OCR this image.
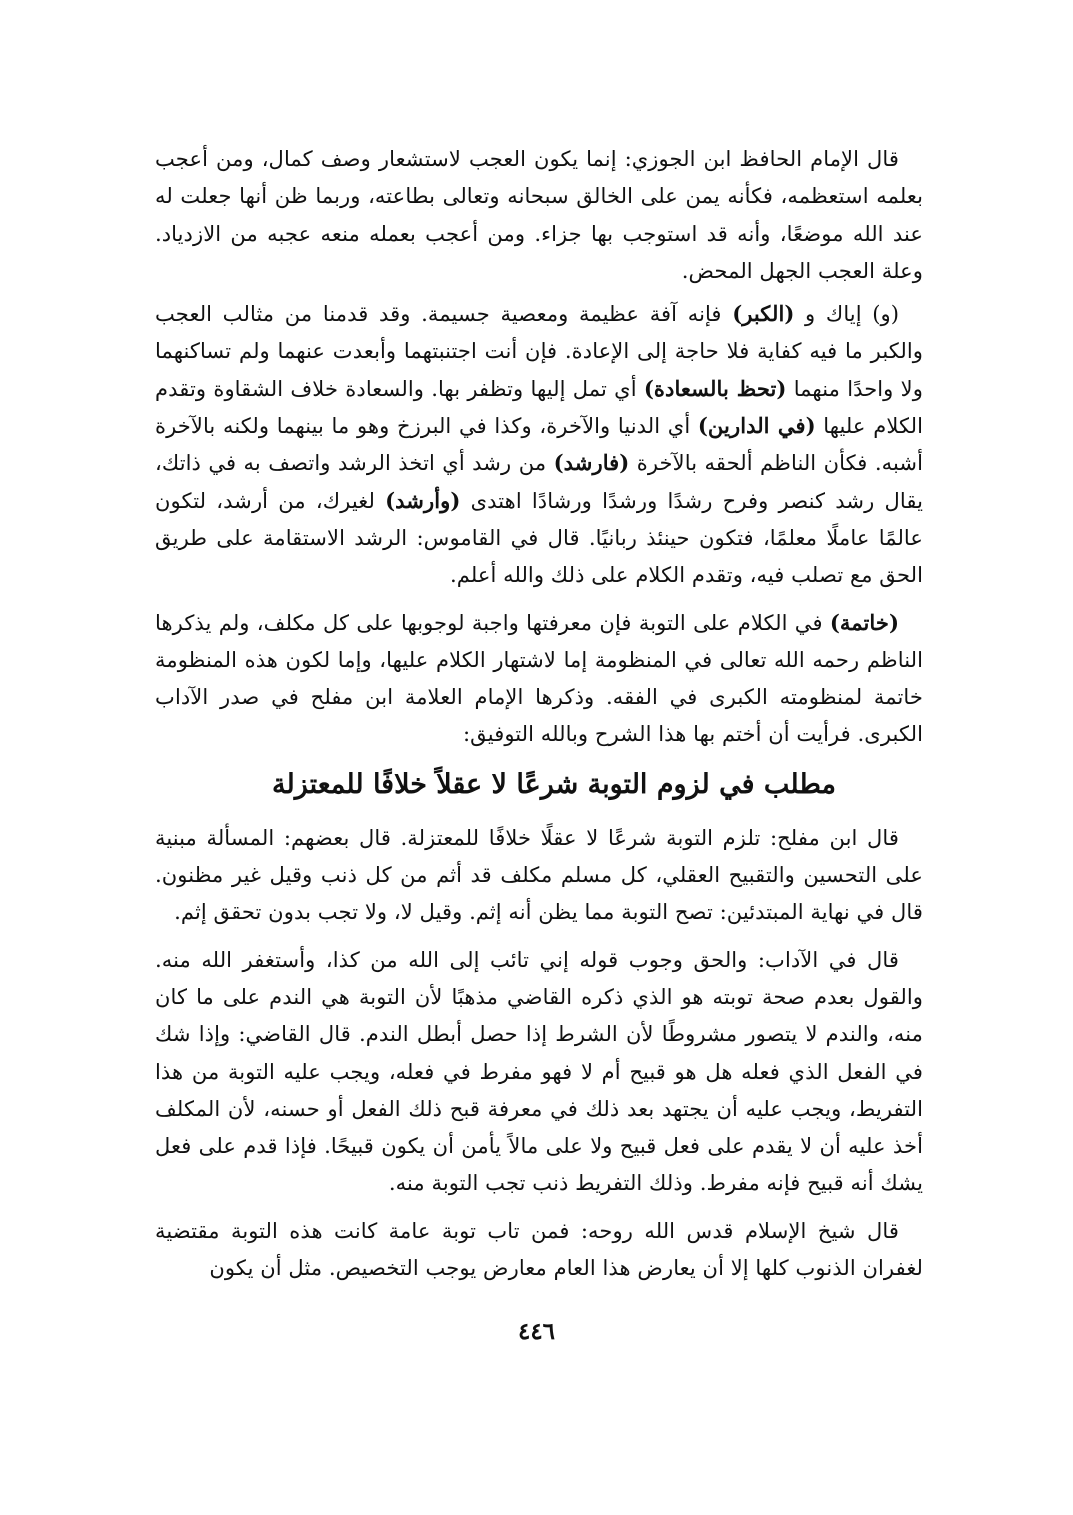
قال الإمام الحافظ ابن الجوزي: إنما يكون العجب لاستشعار وصف كمال، ومن أعجب بعلمه استعظمه، فكأنه يمن على الخالق سبحانه وتعالى بطاعته، وربما ظن أنها جعلت له عند الله موضعًا، وأنه قد استوجب بها جزاء. ومن أعجب بعمله منعه عجبه من الازدياد. وعلة العجب الجهل المحض.

(و) إياك و (الكبر) فإنه آفة عظيمة ومعصية جسيمة. وقد قدمنا من مثالب العجب والكبر ما فيه كفاية فلا حاجة إلى الإعادة. فإن أنت اجتنبتهما وأبعدت عنهما ولم تساكنهما ولا واحدًا منهما (تحظ بالسعادة) أي تمل إليها وتظفر بها. والسعادة خلاف الشقاوة وتقدم الكلام عليها (في الدارين) أي الدنيا والآخرة، وكذا في البرزخ وهو ما بينهما ولكنه بالآخرة أشبه. فكأن الناظم ألحقه بالآخرة (فارشد) من رشد أي اتخذ الرشد واتصف به في ذاتك، يقال رشد كنصر وفرح رشدًا ورشدًا ورشادًا اهتدى (وأرشد) لغيرك، من أرشد، لتكون عالمًا عاملًا معلمًا، فتكون حينئذ ربانيًا. قال في القاموس: الرشد الاستقامة على طريق الحق مع تصلب فيه، وتقدم الكلام على ذلك والله أعلم.

(خاتمة) في الكلام على التوبة فإن معرفتها واجبة لوجوبها على كل مكلف، ولم يذكرها الناظم رحمه الله تعالى في المنظومة إما لاشتهار الكلام عليها، وإما لكون هذه المنظومة خاتمة لمنظومته الكبرى في الفقه. وذكرها الإمام العلامة ابن مفلح في صدر الآداب الكبرى. فرأيت أن أختم بها هذا الشرح وبالله التوفيق:

مطلب في لزوم التوبة شرعًا لا عقلاً خلافًا للمعتزلة

قال ابن مفلح: تلزم التوبة شرعًا لا عقلًا خلافًا للمعتزلة. قال بعضهم: المسألة مبنية على التحسين والتقبيح العقلي، كل مسلم مكلف قد أثم من كل ذنب وقيل غير مظنون. قال في نهاية المبتدئين: تصح التوبة مما يظن أنه إثم. وقيل لا، ولا تجب بدون تحقق إثم.

قال في الآداب: والحق وجوب قوله إني تائب إلى الله من كذا، وأستغفر الله منه. والقول بعدم صحة توبته هو الذي ذكره القاضي مذهبًا لأن التوبة هي الندم على ما كان منه، والندم لا يتصور مشروطًا لأن الشرط إذا حصل أبطل الندم. قال القاضي: وإذا شك في الفعل الذي فعله هل هو قبيح أم لا فهو مفرط في فعله، ويجب عليه التوبة من هذا التفريط، ويجب عليه أن يجتهد بعد ذلك في معرفة قبح ذلك الفعل أو حسنه، لأن المكلف أخذ عليه أن لا يقدم على فعل قبيح ولا على مالاً يأمن أن يكون قبيحًا. فإذا قدم على فعل يشك أنه قبيح فإنه مفرط. وذلك التفريط ذنب تجب التوبة منه.

قال شيخ الإسلام قدس الله روحه: فمن تاب توبة عامة كانت هذه التوبة مقتضية لغفران الذنوب كلها إلا أن يعارض هذا العام معارض يوجب التخصيص. مثل أن يكون

٤٤٦
